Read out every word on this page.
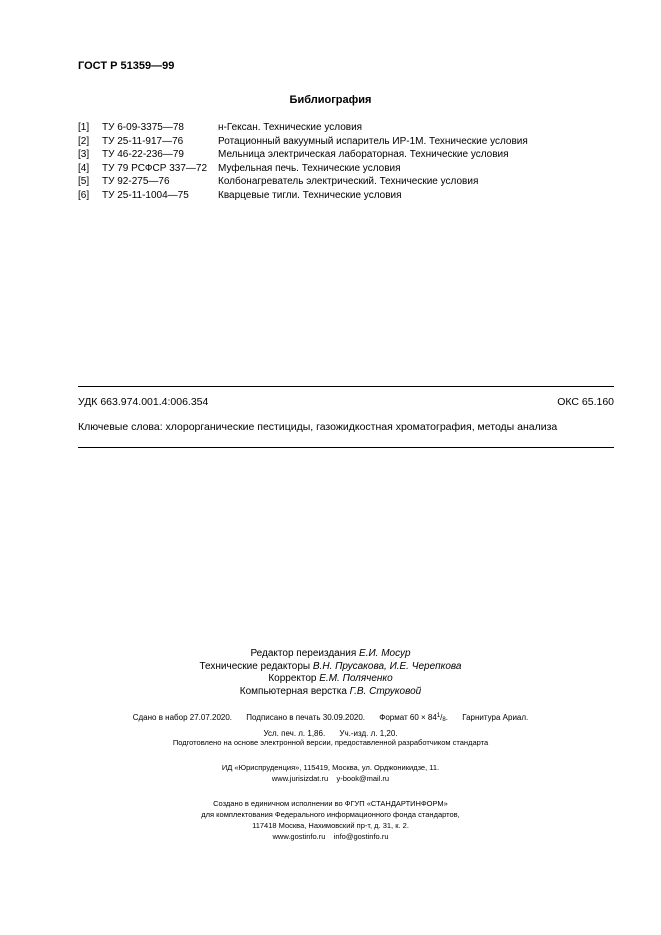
ГОСТ Р 51359—99
Библиография
[1]	ТУ 6-09-3375—78	н-Гексан. Технические условия
[2]	ТУ 25-11-917—76	Ротационный вакуумный испаритель ИР-1М. Технические условия
[3]	ТУ 46-22-236—79	Мельница электрическая лабораторная. Технические условия
[4]	ТУ 79 РСФСР 337—72	Муфельная печь. Технические условия
[5]	ТУ 92-275—76	Колбонагреватель электрический. Технические условия
[6]	ТУ 25-11-1004—75	Кварцевые тигли. Технические условия
УДК 663.974.001.4:006.354	ОКС 65.160
Ключевые слова: хлорорганические пестициды, газожидкостная хроматография, методы анализа
Редактор переиздания Е.И. Мосур
Технические редакторы В.Н. Прусакова, И.Е. Черепкова
Корректор Е.М. Поляченко
Компьютерная верстка Г.В. Струковой
Сдано в набор 27.07.2020. Подписано в печать 30.09.2020. Формат $60 \times 84^1/_8$. Гарнитура Ариал.
Усл. печ. л. 1,86. Уч.-изд. л. 1,20.
Подготовлено на основе электронной версии, предоставленной разработчиком стандарта
ИД «Юриспруденция», 115419, Москва, ул. Орджоникидзе, 11.
www.jurisizdat.ru    y-book@mail.ru
Создано в единичном исполнении во ФГУП «СТАНДАРТИНФОРМ»
для комплектования Федерального информационного фонда стандартов,
117418 Москва, Нахимовский пр-т, д. 31, к. 2.
www.gostinfo.ru    info@gostinfo.ru
